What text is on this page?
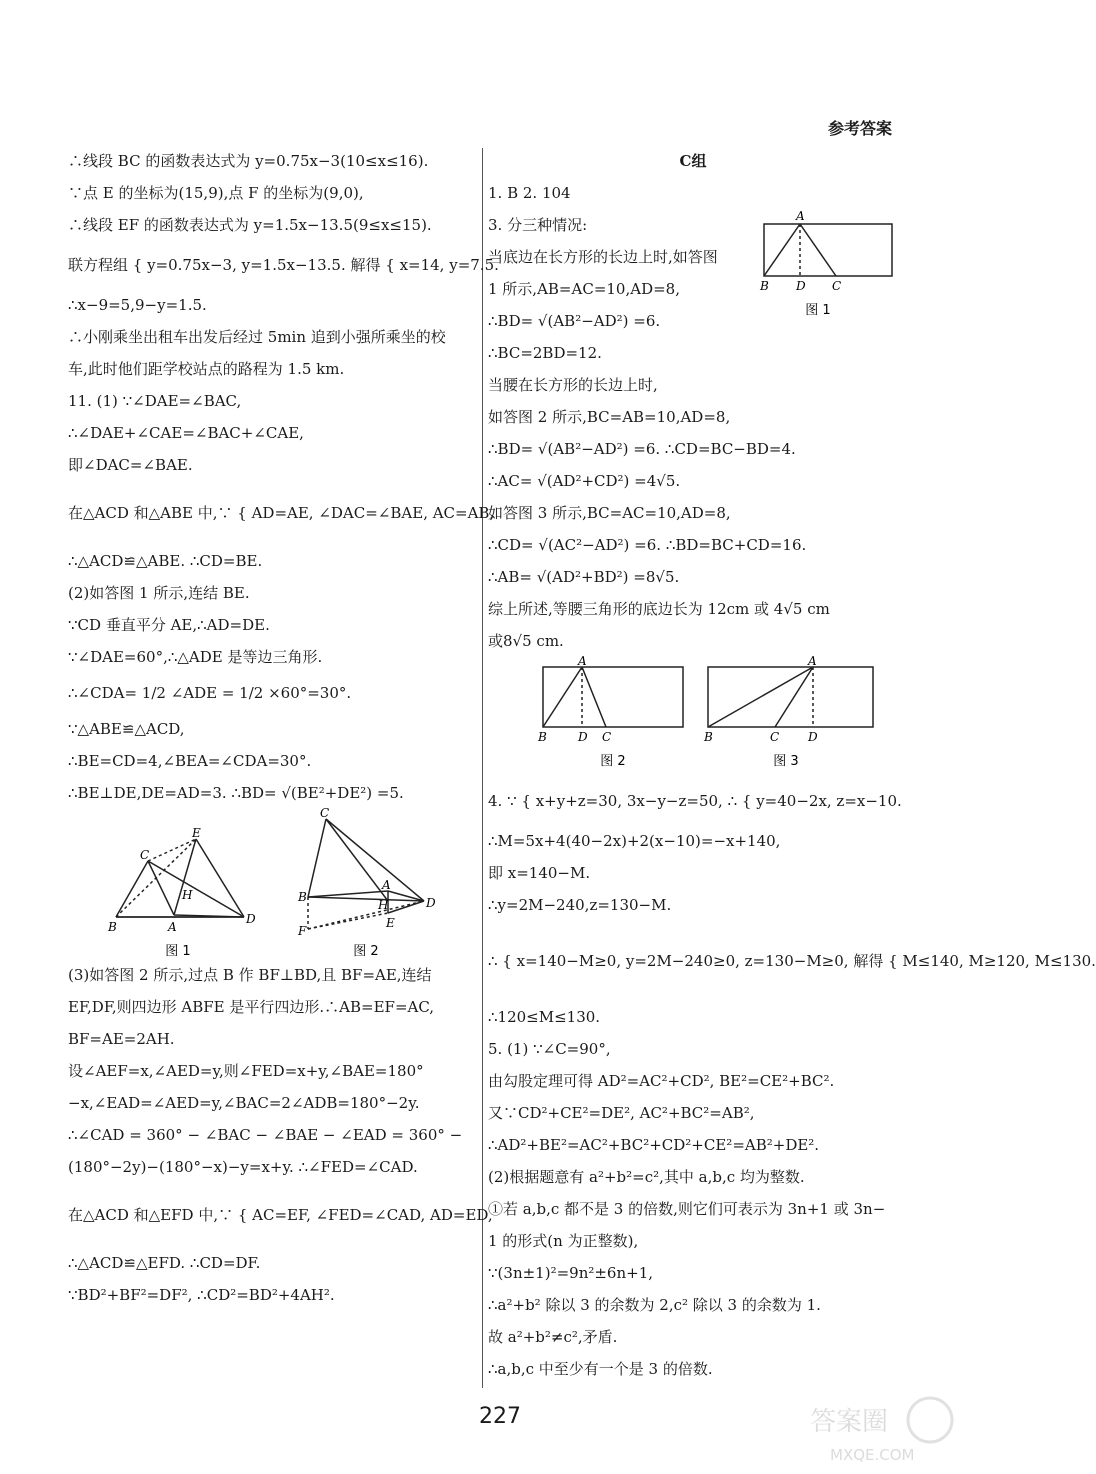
参考答案
∴线段 BC 的函数表达式为 y=0.75x−3(10≤x≤16).
∵点 E 的坐标为(15,9),点 F 的坐标为(9,0),
∴线段 EF 的函数表达式为 y=1.5x−13.5(9≤x≤15).
联方程组 { y=0.75x−3, y=1.5x−13.5. 解得 { x=14, y=7.5.
∴x−9=5,9−y=1.5.
∴小刚乘坐出租车出发后经过 5min 追到小强所乘坐的校
车,此时他们距学校站点的路程为 1.5 km.
11. (1) ∵∠DAE=∠BAC,
∴∠DAE+∠CAE=∠BAC+∠CAE,
即∠DAC=∠BAE.
在△ACD 和△ABE 中,∵ { AD=AE, ∠DAC=∠BAE, AC=AB,
∴△ACD≌△ABE. ∴CD=BE.
(2)如答图 1 所示,连结 BE.
∵CD 垂直平分 AE,∴AD=DE.
∵∠DAE=60°,∴△ADE 是等边三角形.
∴∠CDA= 1/2 ∠ADE = 1/2 ×60°=30°.
∵△ABE≌△ACD,
∴BE=CD=4,∠BEA=∠CDA=30°.
∴BE⊥DE,DE=AD=3. ∴BD= √(BE²+DE²) =5.
B	A
C
E
H
D
图 1
C
B
A
H
E
D
F
图 2
(3)如答图 2 所示,过点 B 作 BF⊥BD,且 BF=AE,连结
EF,DF,则四边形 ABFE 是平行四边形.∴AB=EF=AC,
BF=AE=2AH.
设∠AEF=x,∠AED=y,则∠FED=x+y,∠BAE=180°
−x,∠EAD=∠AED=y,∠BAC=2∠ADB=180°−2y.
∴∠CAD = 360° − ∠BAC − ∠BAE − ∠EAD = 360° −
(180°−2y)−(180°−x)−y=x+y. ∴∠FED=∠CAD.
在△ACD 和△EFD 中,∵ { AC=EF, ∠FED=∠CAD, AD=ED,
∴△ACD≌△EFD. ∴CD=DF.
∵BD²+BF²=DF², ∴CD²=BD²+4AH².
C组
1. B 2. 104
3. 分三种情况:
当底边在长方形的长边上时,如答图
1 所示,AB=AC=10,AD=8,
∴BD= √(AB²−AD²) =6.
∴BC=2BD=12.
当腰在长方形的长边上时,
如答图 2 所示,BC=AB=10,AD=8,
∴BD= √(AB²−AD²) =6. ∴CD=BC−BD=4.
∴AC= √(AD²+CD²) =4√5.
如答图 3 所示,BC=AC=10,AD=8,
∴CD= √(AC²−AD²) =6. ∴BD=BC+CD=16.
∴AB= √(AD²+BD²) =8√5.
综上所述,等腰三角形的底边长为 12cm 或 4√5 cm
或8√5 cm.
A
B	D C
图 2
A
B	C D
图 3
4. ∵ { x+y+z=30, 3x−y−z=50, ∴ { y=40−2x, z=x−10.
∴M=5x+4(40−2x)+2(x−10)=−x+140,
即 x=140−M.
∴y=2M−240,z=130−M.
∴ { x=140−M≥0, y=2M−240≥0, z=130−M≥0, 解得 { M≤140, M≥120, M≤130.
∴120≤M≤130.
5. (1) ∵∠C=90°,
由勾股定理可得 AD²=AC²+CD², BE²=CE²+BC².
又∵CD²+CE²=DE², AC²+BC²=AB²,
∴AD²+BE²=AC²+BC²+CD²+CE²=AB²+DE².
(2)根据题意有 a²+b²=c²,其中 a,b,c 均为整数.
①若 a,b,c 都不是 3 的倍数,则它们可表示为 3n+1 或 3n−
1 的形式(n 为正整数),
∵(3n±1)²=9n²±6n+1,
∴a²+b² 除以 3 的余数为 2,c² 除以 3 的余数为 1.
故 a²+b²≠c²,矛盾.
∴a,b,c 中至少有一个是 3 的倍数.
A
B D C
图 1
227	答案圈
MXQE.COM
